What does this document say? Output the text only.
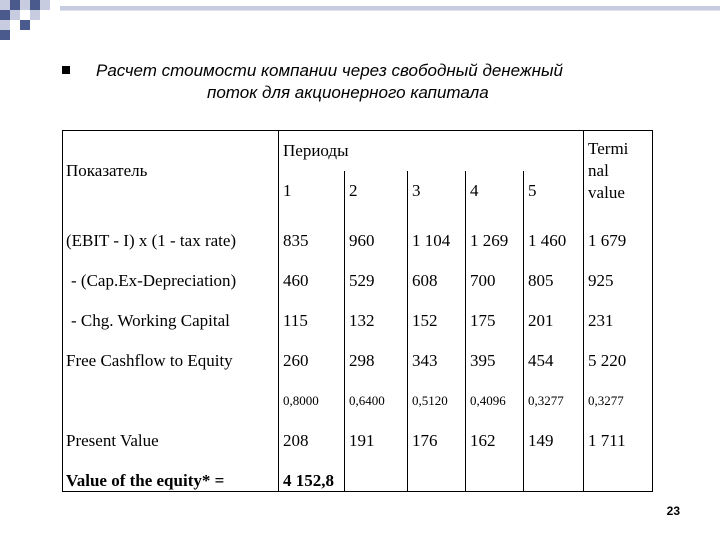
Расчет стоимости компании через свободный денежный
поток для акционерного капитала
Показатель	Периоды					Termi
nal
value

	1	2	3	4	5	
(EBIT - I) x (1 - tax rate)	835	960	1 104	1 269	1 460	1 679
- (Cap.Ex-Depreciation)	460	529	608	700	805	925
- Chg. Working Capital	115	132	152	175	201	231
Free Cashflow to Equity	260	298	343	395	454	5 220
	0,8000	0,6400	0,5120	0,4096	0,3277	0,3277
Present Value	208	191	176	162	149	1 711
Value of the equity* =	4 152,8					
23
